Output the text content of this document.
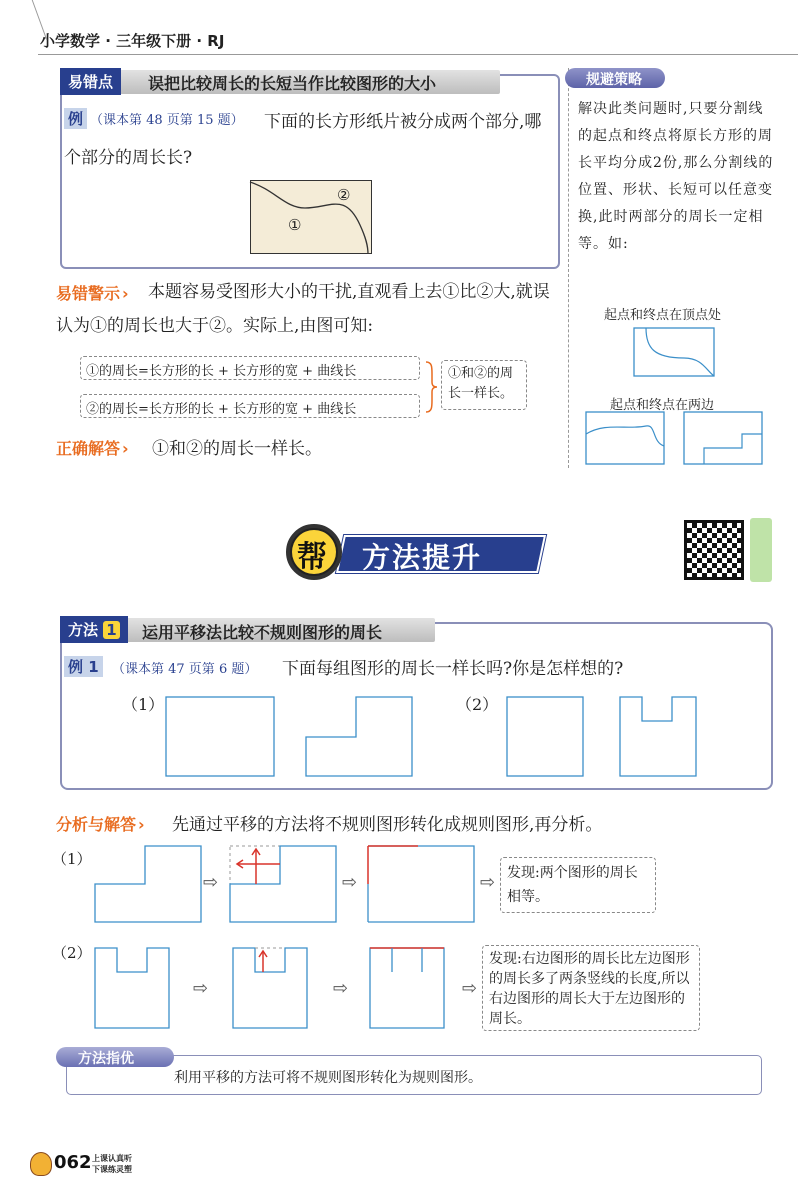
小学数学 · 三年级下册 · RJ
易错点	误把比较周长的长短当作比较图形的大小
例 （课本第 48 页第 15 题）	下面的长方形纸片被分成两个部分,哪个部分的周长长?
①
②
易错警示 ›	本题容易受图形大小的干扰,直观看上去①比②大,就误认为①的周长也大于②。实际上,由图可知:
①的周长=长方形的长 + 长方形的宽 + 曲线长
②的周长=长方形的长 + 长方形的宽 + 曲线长
①和②的周长一样长。
正确解答 ›	①和②的周长一样长。
规避策略
解决此类问题时,只要分割线的起点和终点将原长方形的周长平均分成2份,那么分割线的位置、形状、长短可以任意变换,此时两部分的周长一定相等。如:
起点和终点在顶点处
起点和终点在两边
帮 方法提升
方法 1	运用平移法比较不规则图形的周长
例 1	（课本第 47 页第 6 题） 下面每组图形的周长一样长吗?你是怎样想的?
（1）	（2）
分析与解答 ›	先通过平移的方法将不规则图形转化成规则图形,再分析。
（1）
⇨	⇨	⇨ 发现:两个图形的周长相等。
（2）
⇨	⇨	⇨
发现:右边图形的周长比左边图形的周长多了两条竖线的长度,所以右边图形的周长大于左边图形的周长。
方法指优
利用平移的方法可将不规则图形转化为规则图形。
062 上课认真听
下课练灵塑
